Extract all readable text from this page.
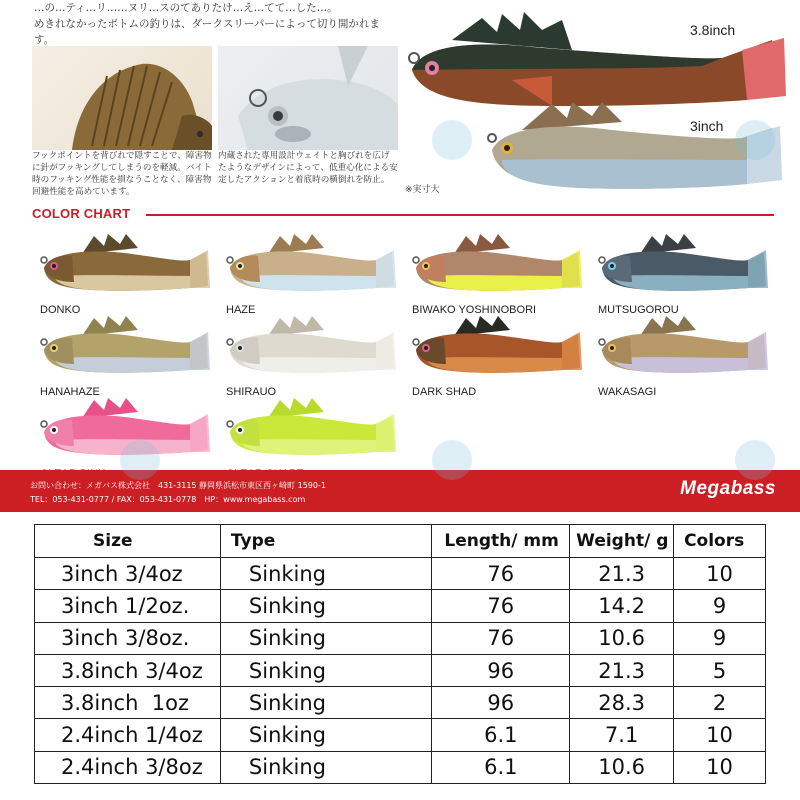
…の…ティ…リ……ヌリ…スのてありたけ…え…てて…した…。
めきれなかったボトムの釣りは、ダークスリーパーによって切り開かれます。
フックポイントを背びれで隠すことで、障害物
に針がフッキングしてしまうのを軽減。バイト
時のフッキング性能を損なうことなく、障害物
回避性能を高めています。
内蔵された専用設計ウェイトと胸びれを広げ
たようなデザインによって、低重心化による安
定したアクションと着底時の横倒れを防止。
3.8inch
3inch
※実寸大
COLOR CHART
DONKO	HAZE	BIWAKO YOSHINOBORI	MUTSUGOROU
HANAHAZE	SHIRAUO	DARK SHAD	WAKASAGI
お問い合わせ：メガバス株式会社　431-3115 静岡県浜松市東区西ヶ崎町 1590-1
TEL：053-431-0777 / FAX：053-431-0778　HP：www.megabass.com
Megabass
Size	Type	Length/ mm	Weight/ g	Colors
3inch 3/4oz	Sinking	76	21.3	10
3inch 1/2oz.	Sinking	76	14.2	9
3inch 3/8oz.	Sinking	76	10.6	9
3.8inch 3/4oz	Sinking	96	21.3	5
3.8inch  1oz	Sinking	96	28.3	2
2.4inch 1/4oz	Sinking	6.1	7.1	10
2.4inch 3/8oz	Sinking	6.1	10.6	10
